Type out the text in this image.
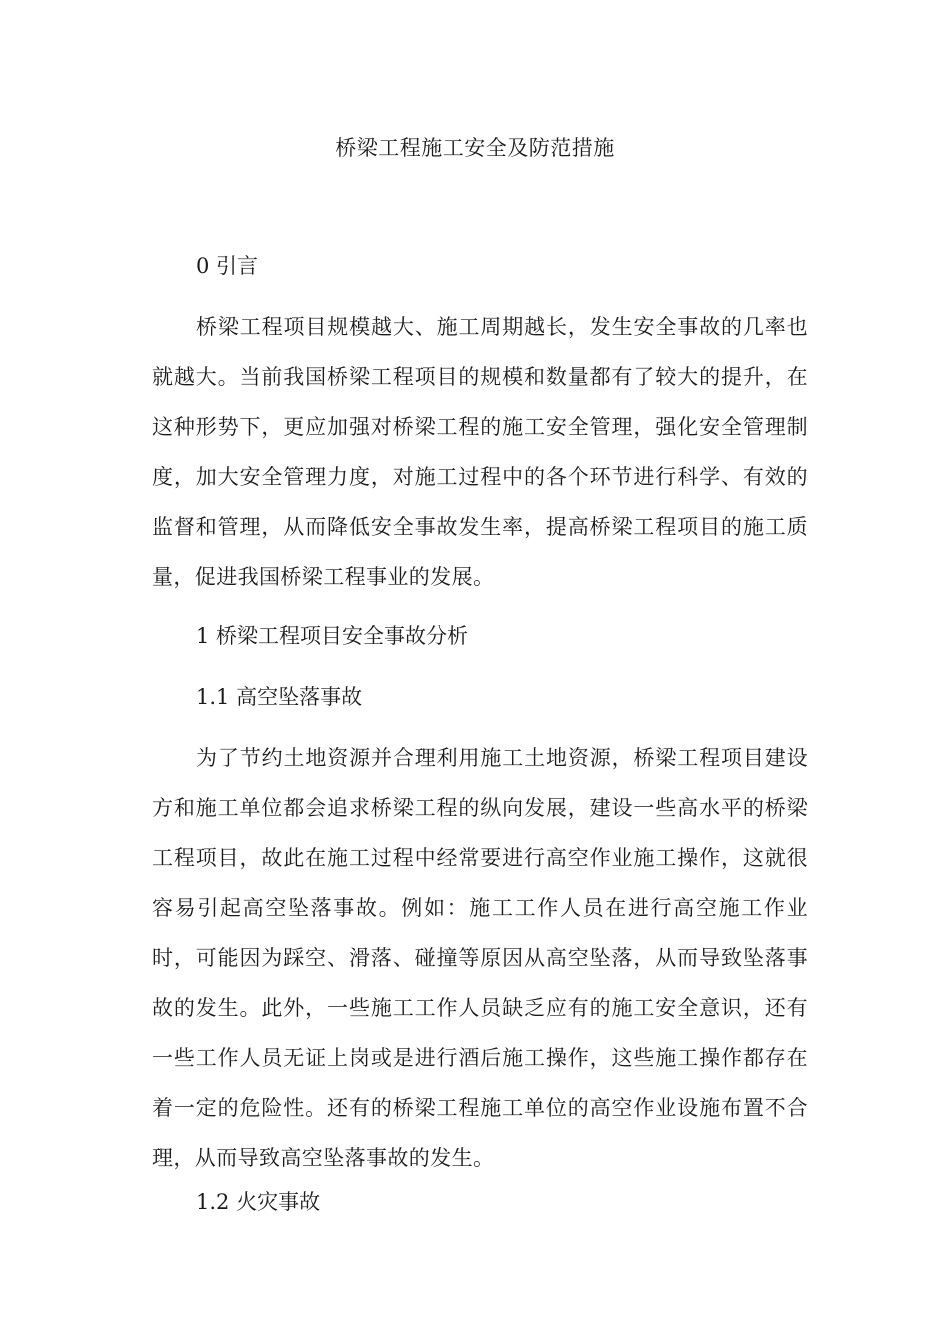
桥梁工程施工安全及防范措施
0 引言

桥梁工程项目规模越大、施工周期越长，发生安全事故的几率也就越大。当前我国桥梁工程项目的规模和数量都有了较大的提升，在这种形势下，更应加强对桥梁工程的施工安全管理，强化安全管理制度，加大安全管理力度，对施工过程中的各个环节进行科学、有效的监督和管理，从而降低安全事故发生率，提高桥梁工程项目的施工质量，促进我国桥梁工程事业的发展。

1 桥梁工程项目安全事故分析
1.1 高空坠落事故

为了节约土地资源并合理利用施工土地资源，桥梁工程项目建设方和施工单位都会追求桥梁工程的纵向发展，建设一些高水平的桥梁工程项目，故此在施工过程中经常要进行高空作业施工操作，这就很容易引起高空坠落事故。例如：施工工作人员在进行高空施工作业时，可能因为踩空、滑落、碰撞等原因从高空坠落，从而导致坠落事故的发生。此外，一些施工工作人员缺乏应有的施工安全意识，还有一些工作人员无证上岗或是进行酒后施工操作，这些施工操作都存在着一定的危险性。还有的桥梁工程施工单位的高空作业设施布置不合理，从而导致高空坠落事故的发生。

1.2 火灾事故
